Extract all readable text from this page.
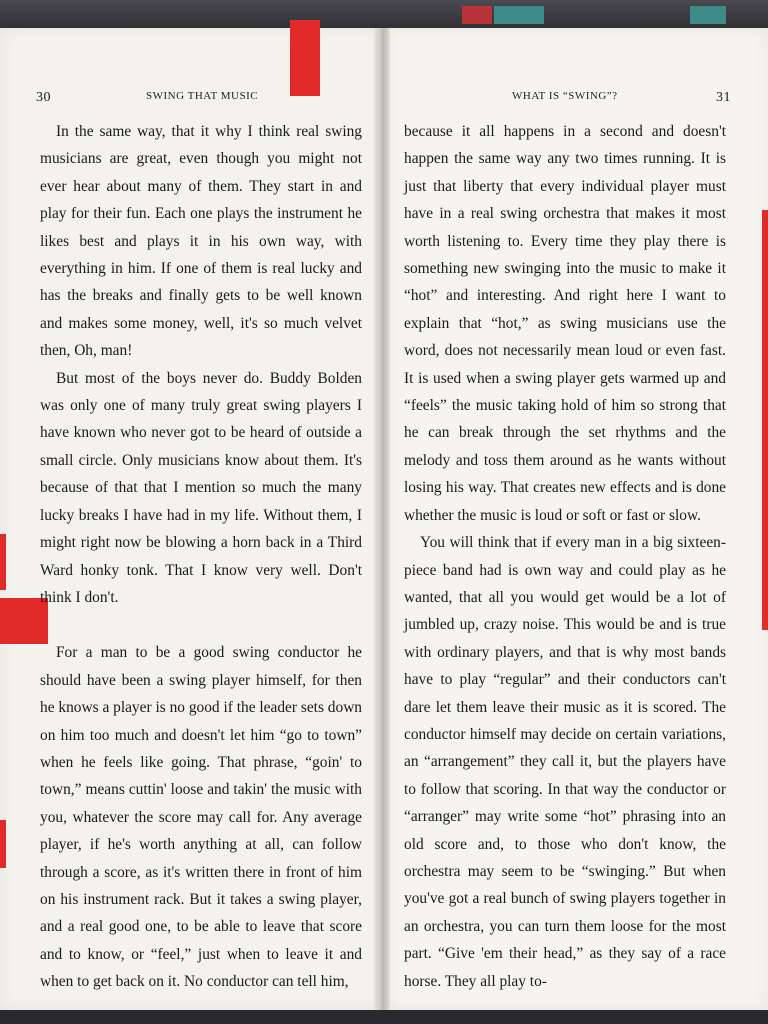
30	SWING THAT MUSIC	WHAT IS “SWING”?	31

In the same way, that it why I think real swing musicians are great, even though you might not ever hear about many of them. They start in and play for their fun. Each one plays the instrument he likes best and plays it in his own way, with everything in him. If one of them is real lucky and has the breaks and finally gets to be well known and makes some money, well, it's so much velvet then, Oh, man!

But most of the boys never do. Buddy Bolden was only one of many truly great swing players I have known who never got to be heard of outside a small circle. Only musicians know about them. It's because of that that I mention so much the many lucky breaks I have had in my life. Without them, I might right now be blowing a horn back in a Third Ward honky tonk. That I know very well. Don't think I don't.

For a man to be a good swing conductor he should have been a swing player himself, for then he knows a player is no good if the leader sets down on him too much and doesn't let him “go to town” when he feels like going. That phrase, “goin' to town,” means cuttin' loose and takin' the music with you, whatever the score may call for. Any average player, if he's worth anything at all, can follow through a score, as it's written there in front of him on his instrument rack. But it takes a swing player, and a real good one, to be able to leave that score and to know, or “feel,” just when to leave it and when to get back on it. No conductor can tell him,

because it all happens in a second and doesn't happen the same way any two times running. It is just that liberty that every individual player must have in a real swing orchestra that makes it most worth listening to. Every time they play there is something new swinging into the music to make it “hot” and interesting. And right here I want to explain that “hot,” as swing musicians use the word, does not necessarily mean loud or even fast. It is used when a swing player gets warmed up and “feels” the music taking hold of him so strong that he can break through the set rhythms and the melody and toss them around as he wants without losing his way. That creates new effects and is done whether the music is loud or soft or fast or slow.

You will think that if every man in a big sixteen-piece band had is own way and could play as he wanted, that all you would get would be a lot of jumbled up, crazy noise. This would be and is true with ordinary players, and that is why most bands have to play “regular” and their conductors can't dare let them leave their music as it is scored. The conductor himself may decide on certain variations, an “arrangement” they call it, but the players have to follow that scoring. In that way the conductor or “arranger” may write some “hot” phrasing into an old score and, to those who don't know, the orchestra may seem to be “swinging.” But when you've got a real bunch of swing players together in an orchestra, you can turn them loose for the most part. “Give 'em their head,” as they say of a race horse. They all play to-
